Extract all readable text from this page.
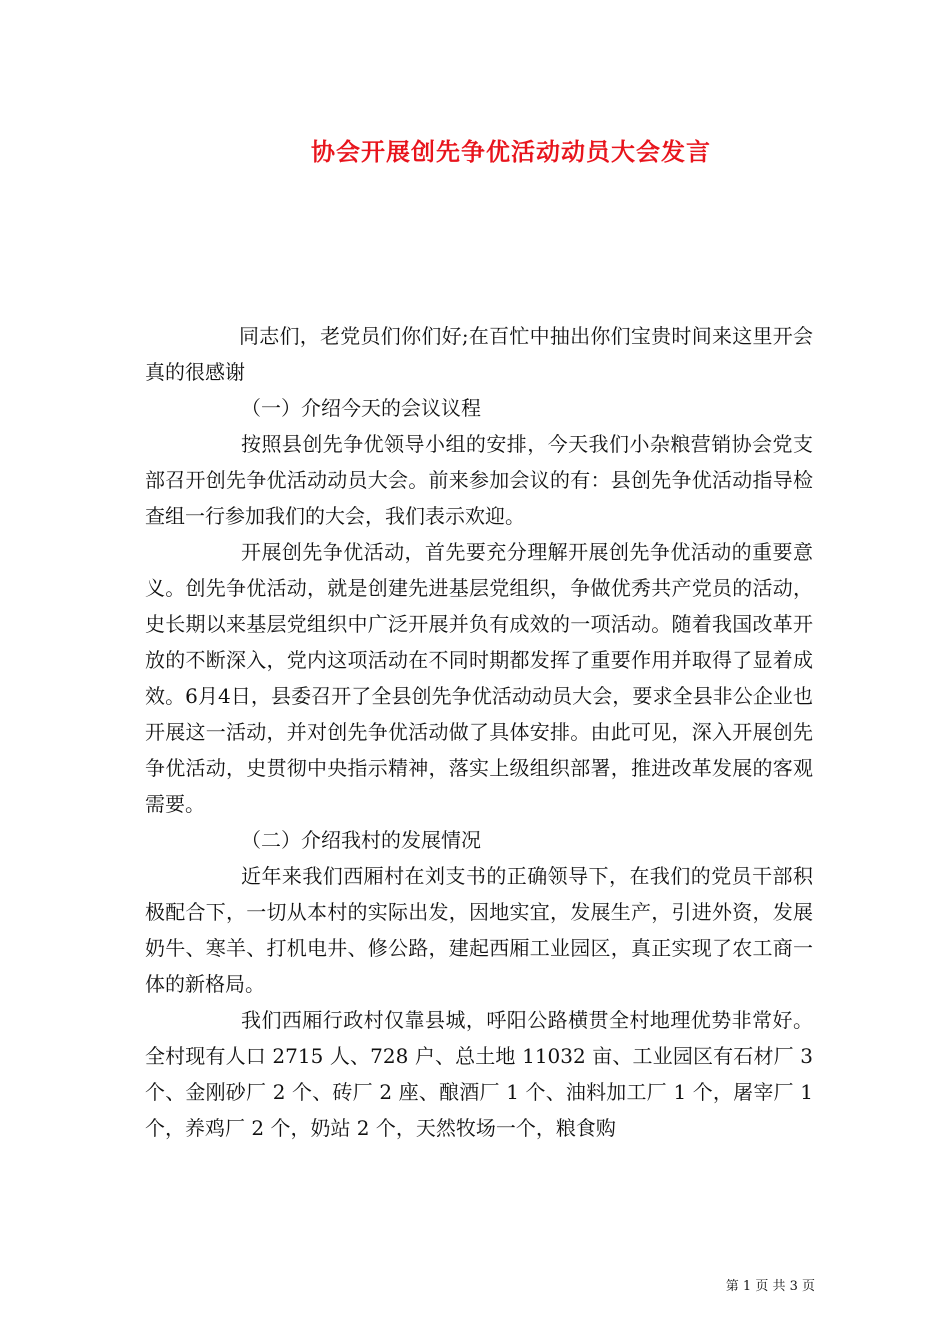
协会开展创先争优活动动员大会发言

同志们，老党员们你们好;在百忙中抽出你们宝贵时间来这里开会真的很感谢

（一）介绍今天的会议议程

按照县创先争优领导小组的安排，今天我们小杂粮营销协会党支部召开创先争优活动动员大会。前来参加会议的有：县创先争优活动指导检查组一行参加我们的大会，我们表示欢迎。

开展创先争优活动，首先要充分理解开展创先争优活动的重要意义。创先争优活动，就是创建先进基层党组织，争做优秀共产党员的活动，史长期以来基层党组织中广泛开展并负有成效的一项活动。随着我国改革开放的不断深入，党内这项活动在不同时期都发挥了重要作用并取得了显着成效。6月4日，县委召开了全县创先争优活动动员大会，要求全县非公企业也开展这一活动，并对创先争优活动做了具体安排。由此可见，深入开展创先争优活动，史贯彻中央指示精神，落实上级组织部署，推进改革发展的客观需要。

（二）介绍我村的发展情况

近年来我们西厢村在刘支书的正确领导下，在我们的党员干部积极配合下，一切从本村的实际出发，因地实宜，发展生产，引进外资，发展奶牛、寒羊、打机电井、修公路，建起西厢工业园区，真正实现了农工商一体的新格局。

我们西厢行政村仅靠县城，呼阳公路横贯全村地理优势非常好。全村现有人口 2715 人、728 户、总土地 11032 亩、工业园区有石材厂 3 个、金刚砂厂 2 个、砖厂 2 座、酿酒厂 1 个、油料加工厂 1 个，屠宰厂 1 个，养鸡厂 2 个，奶站 2 个，天然牧场一个，粮食购

第 1 页 共 3 页
